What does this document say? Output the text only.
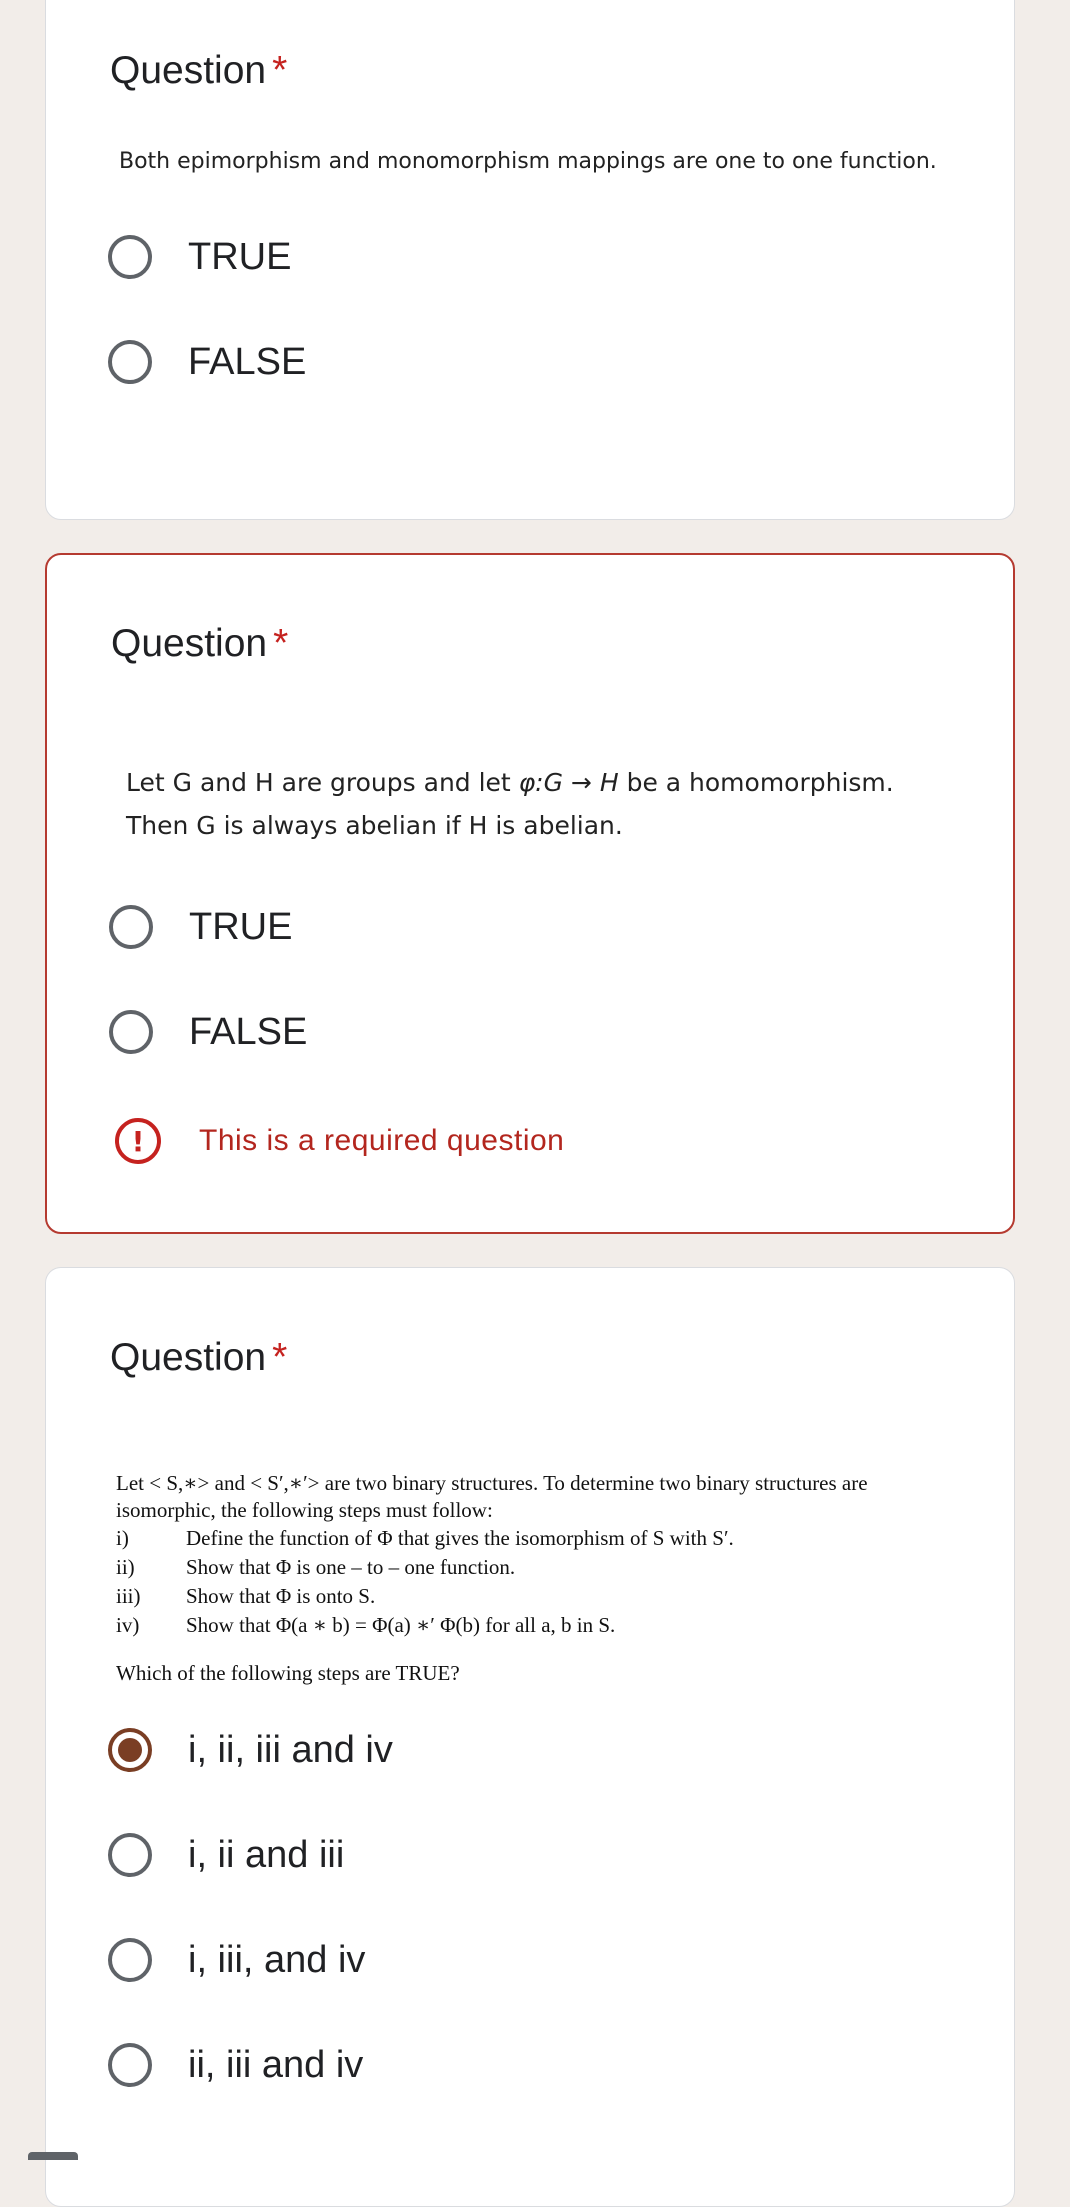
Question *
Both epimorphism and monomorphism mappings are one to one function.
TRUE
FALSE
Question *
Let G and H are groups and let φ:G → H be a homomorphism.
Then G is always abelian if H is abelian.
TRUE
FALSE
!	This is a required question
Question *
Let < S,∗> and < S′,∗′> are two binary structures. To determine two binary structures are
isomorphic, the following steps must follow:
i)	Define the function of Φ that gives the isomorphism of S with S′.
ii) Show that Φ is one – to – one function.
iii) Show that Φ is onto S.
iv) Show that Φ(a ∗ b) = Φ(a) ∗′ Φ(b) for all a, b in S.
Which of the following steps are TRUE?
i, ii, iii and iv
i, ii and iii
i, iii, and iv
ii, iii and iv
